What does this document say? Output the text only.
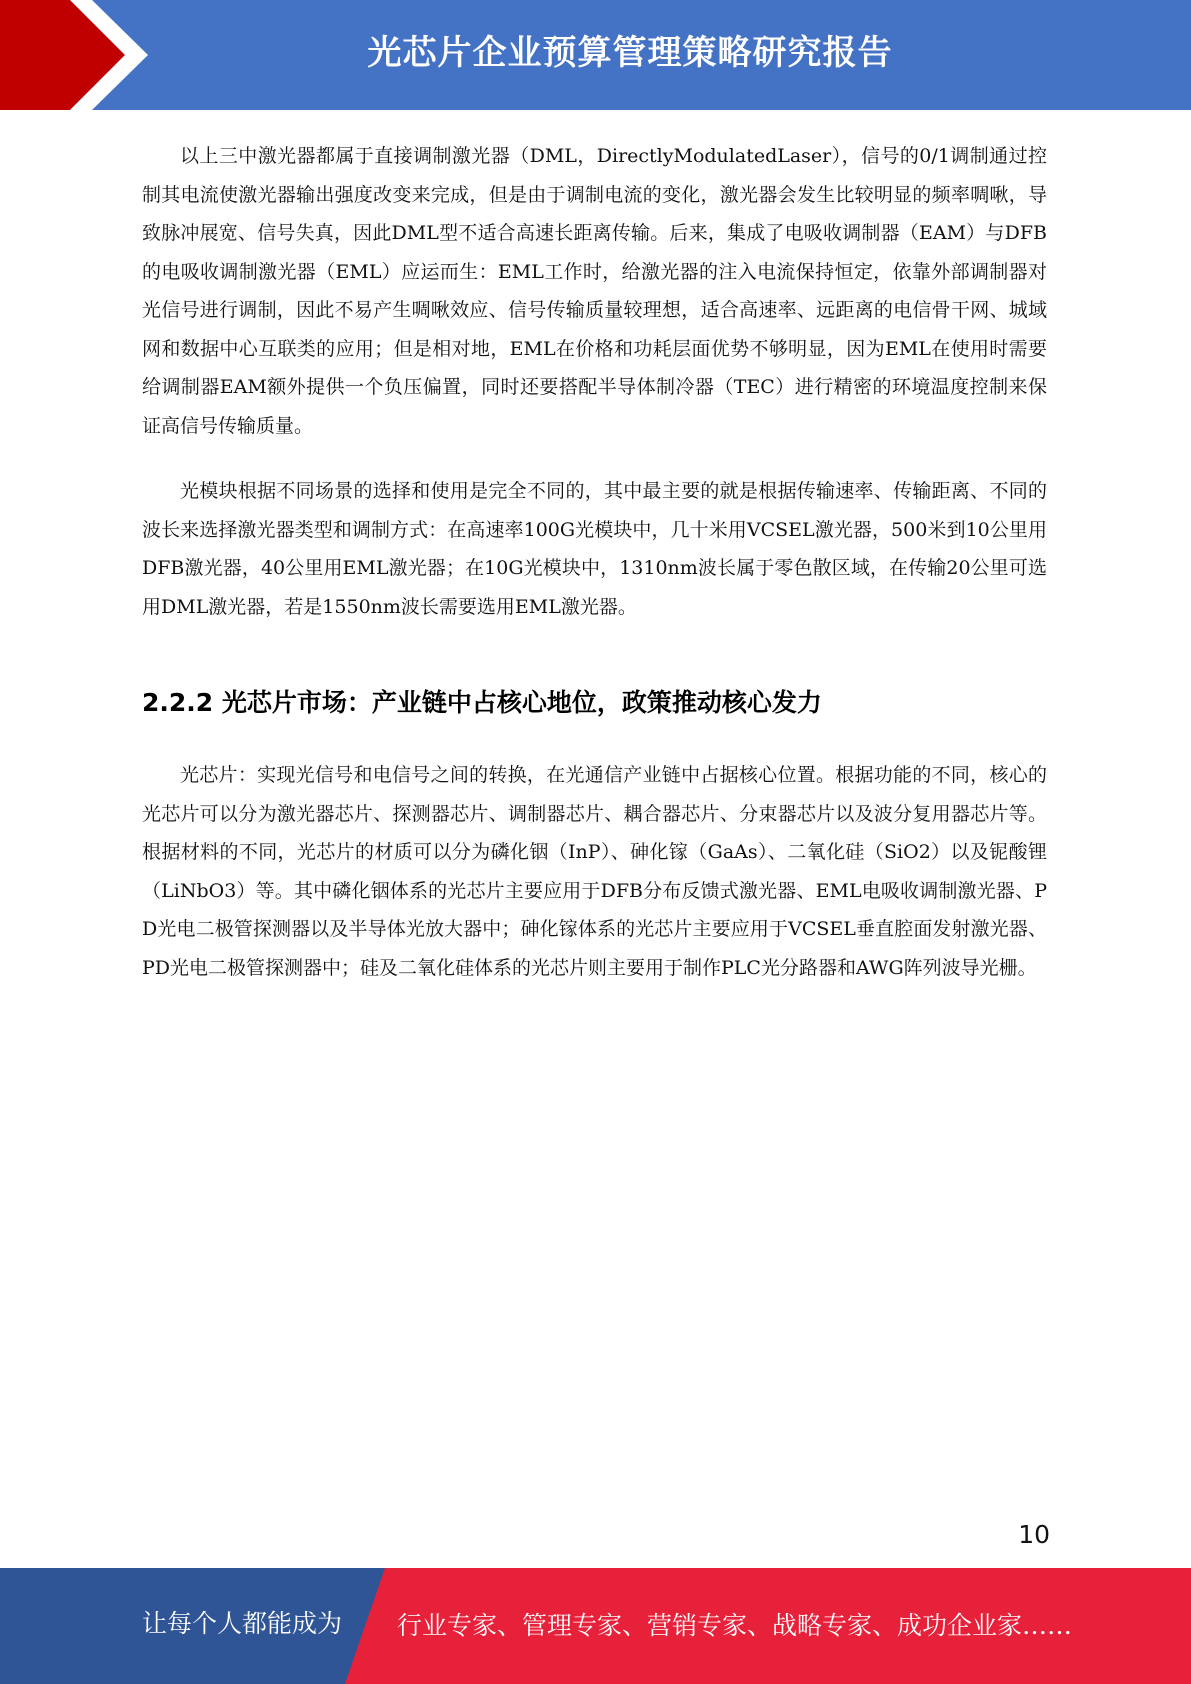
光芯片企业预算管理策略研究报告

以上三中激光器都属于直接调制激光器（DML，DirectlyModulatedLaser），信号的0/1调制通过控制其电流使激光器输出强度改变来完成，但是由于调制电流的变化，激光器会发生比较明显的频率啁啾，导致脉冲展宽、信号失真，因此DML型不适合高速长距离传输。后来，集成了电吸收调制器（EAM）与DFB的电吸收调制激光器（EML）应运而生：EML工作时，给激光器的注入电流保持恒定，依靠外部调制器对光信号进行调制，因此不易产生啁啾效应、信号传输质量较理想，适合高速率、远距离的电信骨干网、城域网和数据中心互联类的应用；但是相对地，EML在价格和功耗层面优势不够明显，因为EML在使用时需要给调制器EAM额外提供一个负压偏置，同时还要搭配半导体制冷器（TEC）进行精密的环境温度控制来保证高信号传输质量。

光模块根据不同场景的选择和使用是完全不同的，其中最主要的就是根据传输速率、传输距离、不同的波长来选择激光器类型和调制方式：在高速率100G光模块中，几十米用VCSEL激光器，500米到10公里用DFB激光器，40公里用EML激光器；在10G光模块中，1310nm波长属于零色散区域，在传输20公里可选用DML激光器，若是1550nm波长需要选用EML激光器。

2.2.2 光芯片市场：产业链中占核心地位，政策推动核心发力

光芯片：实现光信号和电信号之间的转换，在光通信产业链中占据核心位置。根据功能的不同，核心的光芯片可以分为激光器芯片、探测器芯片、调制器芯片、耦合器芯片、分束器芯片以及波分复用器芯片等。根据材料的不同，光芯片的材质可以分为磷化铟（InP）、砷化镓（GaAs）、二氧化硅（SiO2）以及铌酸锂（LiNbO3）等。其中磷化铟体系的光芯片主要应用于DFB分布反馈式激光器、EML电吸收调制激光器、PD光电二极管探测器以及半导体光放大器中；砷化镓体系的光芯片主要应用于VCSEL垂直腔面发射激光器、PD光电二极管探测器中；硅及二氧化硅体系的光芯片则主要用于制作PLC光分路器和AWG阵列波导光栅。

10
让每个人都能成为 行业专家、管理专家、营销专家、战略专家、成功企业家……
